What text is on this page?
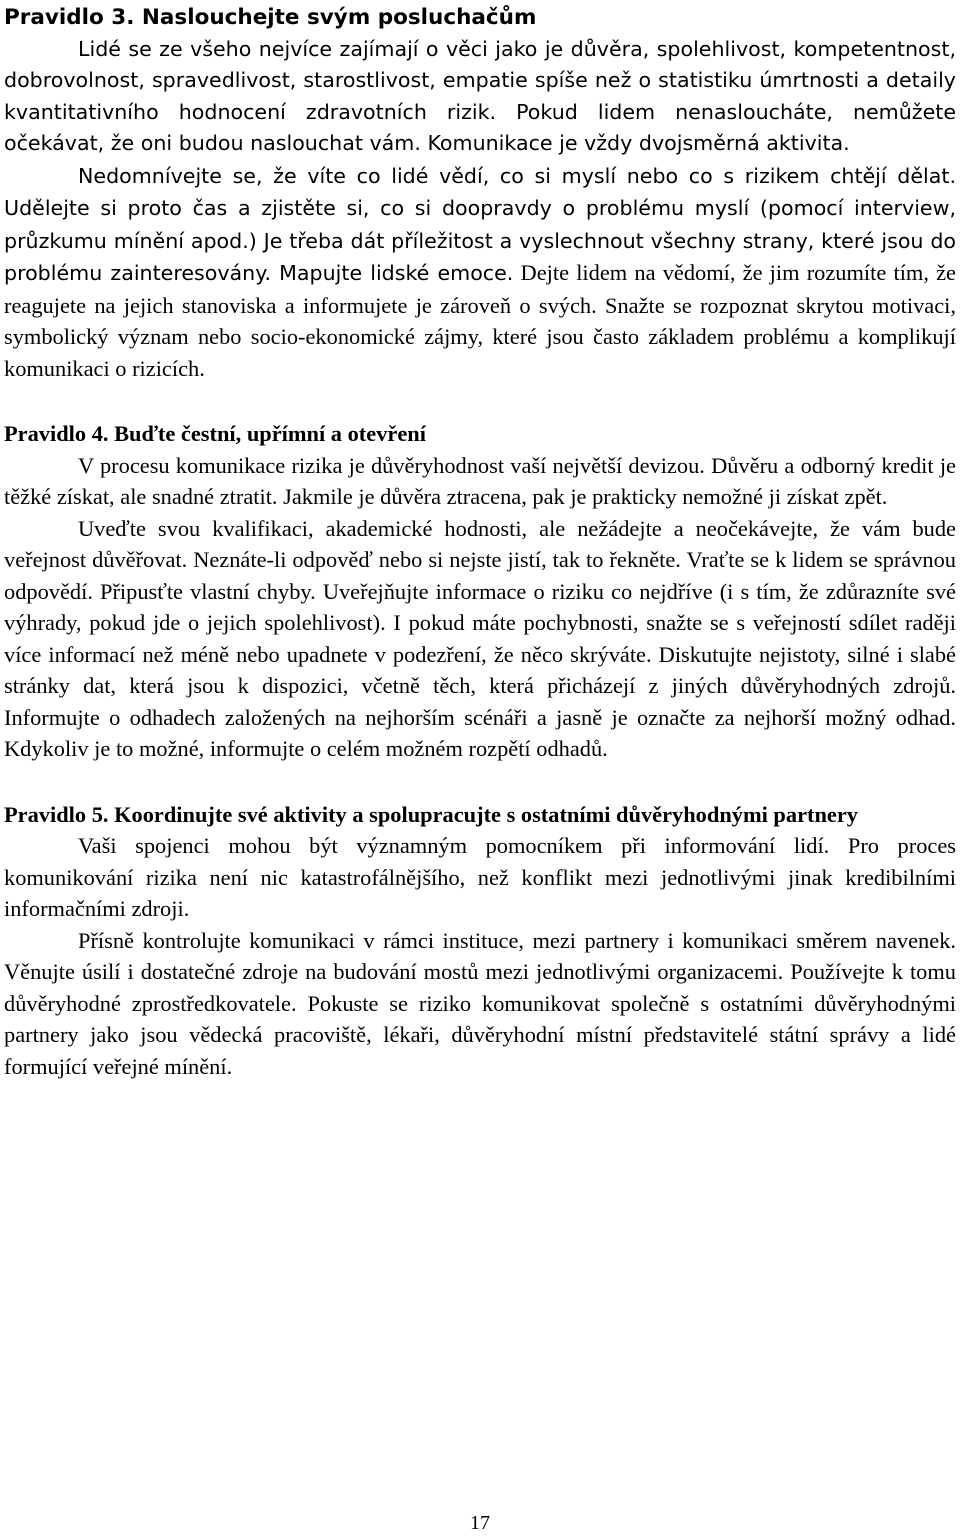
Pravidlo 3. Naslouchejte svým posluchačům

Lidé se ze všeho nejvíce zajímají o věci jako je důvěra, spolehlivost, kompetentnost, dobrovolnost, spravedlivost, starostlivost, empatie spíše než o statistiku úmrtnosti a detaily kvantitativního hodnocení zdravotních rizik. Pokud lidem nenasloucháte, nemůžete očekávat, že oni budou naslouchat vám. Komunikace je vždy dvojsměrná aktivita.

Nedomnívejte se, že víte co lidé vědí, co si myslí nebo co s rizikem chtějí dělat. Udělejte si proto čas a zjistěte si, co si doopravdy o problému myslí (pomocí interview, průzkumu mínění apod.) Je třeba dát příležitost a vyslechnout všechny strany, které jsou do problému zainteresovány. Mapujte lidské emoce. Dejte lidem na vědomí, že jim rozumíte tím, že reagujete na jejich stanoviska a informujete je zároveň o svých. Snažte se rozpoznat skrytou motivaci, symbolický význam nebo socio-ekonomické zájmy, které jsou často základem problému a komplikují komunikaci o rizicích.

Pravidlo 4. Buďte čestní, upřímní a otevření

V procesu komunikace rizika je důvěryhodnost vaší největší devizou. Důvěru a odborný kredit je těžké získat, ale snadné ztratit. Jakmile je důvěra ztracena, pak je prakticky nemožné ji získat zpět.

Uveďte svou kvalifikaci, akademické hodnosti, ale nežádejte a neočekávejte, že vám bude veřejnost důvěřovat. Neznáte-li odpověď nebo si nejste jistí, tak to řekněte. Vraťte se k lidem se správnou odpovědí. Připusťte vlastní chyby. Uveřejňujte informace o riziku co nejdříve (i s tím, že zdůrazníte své výhrady, pokud jde o jejich spolehlivost). I pokud máte pochybnosti, snažte se s veřejností sdílet raději více informací než méně nebo upadnete v podezření, že něco skrýváte. Diskutujte nejistoty, silné i slabé stránky dat, která jsou k dispozici, včetně těch, která přicházejí z jiných důvěryhodných zdrojů. Informujte o odhadech založených na nejhorším scénáři a jasně je označte za nejhorší možný odhad. Kdykoliv je to možné, informujte o celém možném rozpětí odhadů.

Pravidlo 5. Koordinujte své aktivity a spolupracujte s ostatními důvěryhodnými partnery

Vaši spojenci mohou být významným pomocníkem při informování lidí. Pro proces komunikování rizika není nic katastrofálnějšího, než konflikt mezi jednotlivými jinak kredibilními informačními zdroji.

Přísně kontrolujte komunikaci v rámci instituce, mezi partnery i komunikaci směrem navenek. Věnujte úsilí i dostatečné zdroje na budování mostů mezi jednotlivými organizacemi. Používejte k tomu důvěryhodné zprostředkovatele. Pokuste se riziko komunikovat společně s ostatními důvěryhodnými partnery jako jsou vědecká pracoviště, lékaři, důvěryhodní místní představitelé státní správy a lidé formující veřejné mínění.

17
